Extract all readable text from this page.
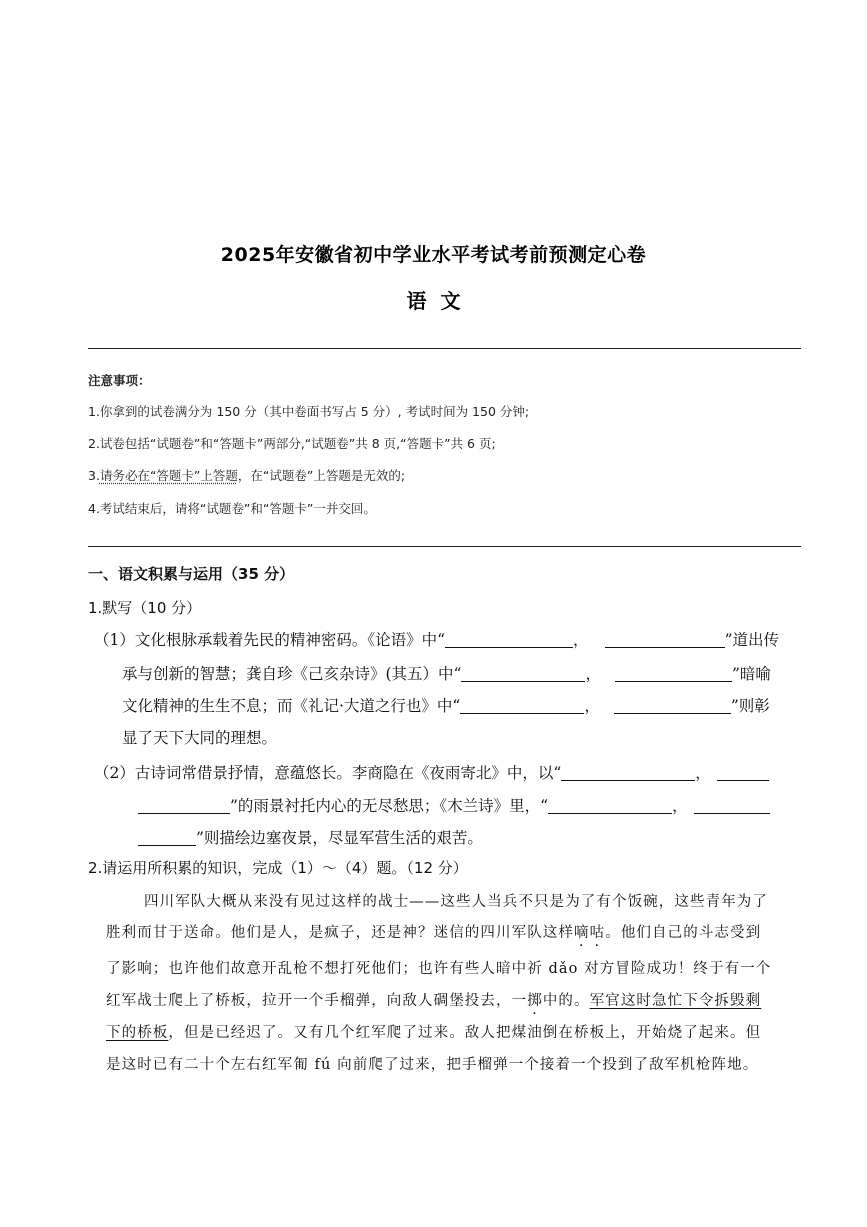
2025年安徽省初中学业水平考试考前预测定心卷
语文
注意事项：
1.你拿到的试卷满分为 150 分（其中卷面书写占 5 分）, 考试时间为 150 分钟;
2.试卷包括“试题卷”和“答题卡”两部分,“试题卷”共 8 页,“答题卡”共 6 页;
3.请务必在“答题卡”上答题，在“试题卷”上答题是无效的;
4.考试结束后，请将“试题卷”和“答题卡”一并交回。
一、语文积累与运用（35 分）
1.默写（10 分）
（1）文化根脉承载着先民的精神密码。《论语》中“	，	”道出传
承与创新的智慧；龚自珍《己亥杂诗》(其五）中“	，	”暗喻
文化精神的生生不息；而《礼记·大道之行也》中“	，	”则彰
显了天下大同的理想。
（2）古诗词常借景抒情，意蕴悠长。李商隐在《夜雨寄北》中，以“	，
”的雨景衬托内心的无尽愁思；《木兰诗》里，“	，
”则描绘边塞夜景，尽显军营生活的艰苦。
2.请运用所积累的知识，完成（1）～（4）题。（12 分）
四川军队大概从来没有见过这样的战士——这些人当兵不只是为了有个饭碗，这些青年为了
胜利而甘于送命。他们是人，是疯子，还是神？迷信的四川军队这样嘀咕。他们自己的斗志受到
了影响；也许他们故意开乱枪不想打死他们；也许有些人暗中祈 dǎo 对方冒险成功！终于有一个
红军战士爬上了桥板，拉开一个手榴弹，向敌人碉堡投去，一掷中的。军官这时急忙下令拆毁剩
下的桥板，但是已经迟了。又有几个红军爬了过来。敌人把煤油倒在桥板上，开始烧了起来。但
是这时已有二十个左右红军匍 fú 向前爬了过来，把手榴弹一个接着一个投到了敌军机枪阵地。
